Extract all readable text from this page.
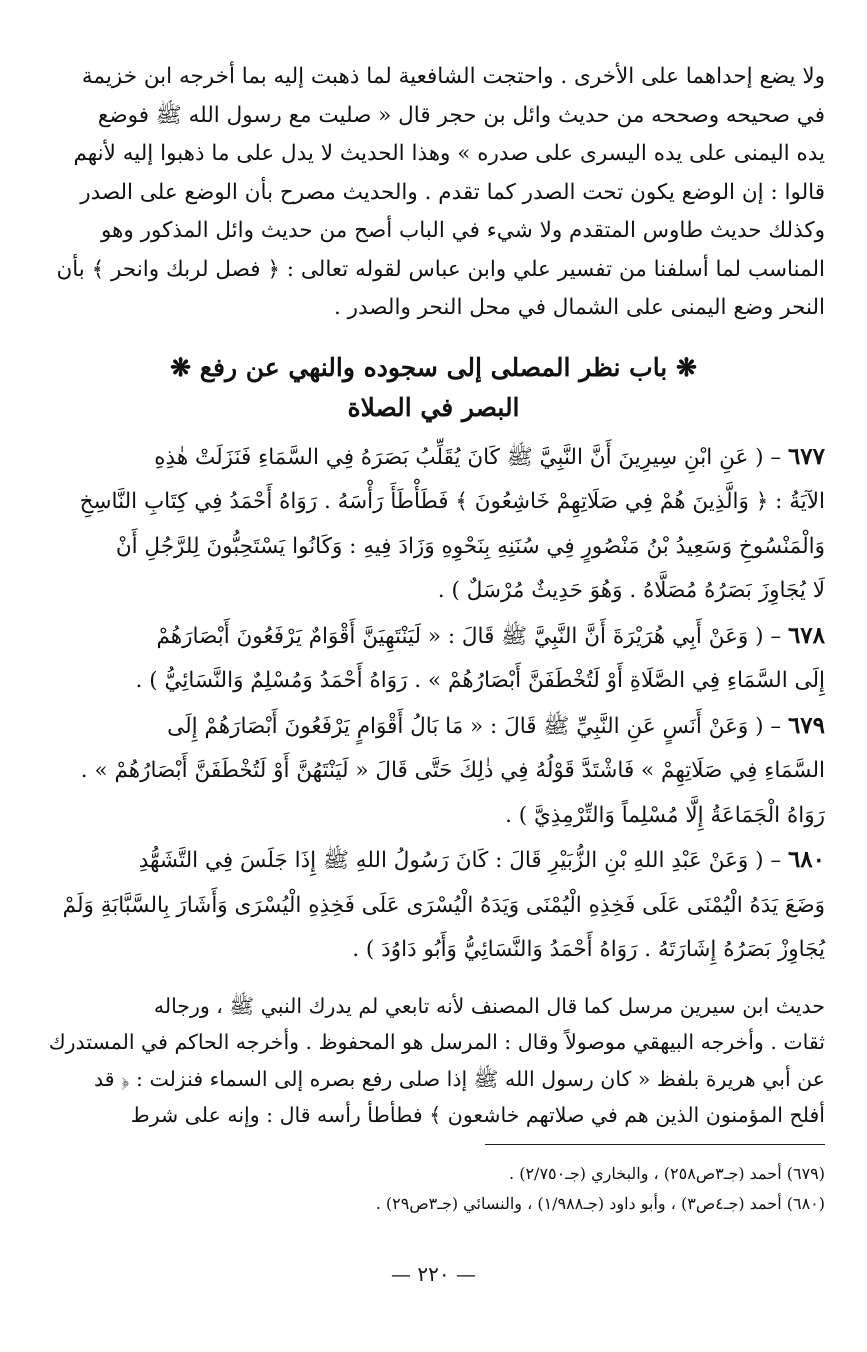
ولا يضع إحداهما على الأخرى . واحتجت الشافعية لما ذهبت إليه بما أخرجه ابن خزيمة

في صحيحه وصححه من حديث وائل بن حجر قال « صليت مع رسول الله ﷺ فوضع

يده اليمنى على يده اليسرى على صدره » وهذا الحديث لا يدل على ما ذهبوا إليه لأنهم

قالوا : إن الوضع يكون تحت الصدر كما تقدم . والحديث مصرح بأن الوضع على الصدر

وكذلك حديث طاوس المتقدم ولا شيء في الباب أصح من حديث وائل المذكور وهو

المناسب لما أسلفنا من تفسير علي وابن عباس لقوله تعالى : ﴿ فصل لربك وانحر ﴾ بأن

النحر وضع اليمنى على الشمال في محل النحر والصدر .

❋ باب نظر المصلى إلى سجوده والنهي عن رفع ❋
البصر في الصلاة

٦٧٧ – ( عَنِ ابْنِ سِيرِينَ أَنَّ النَّبِيَّ ﷺ كَانَ يُقَلِّبُ بَصَرَهُ فِي السَّمَاءِ فَنَزَلَتْ هٰذِهِ

الآيَةُ : ﴿ وَالَّذِينَ هُمْ فِي صَلَاتِهِمْ خَاشِعُونَ ﴾ فَطَأْطَأَ رَأْسَهُ . رَوَاهُ أَحْمَدُ فِي كِتَابِ النَّاسِخِ

وَالْمَنْسُوخِ وَسَعِيدُ بْنُ مَنْصُورٍ فِي سُنَنِهِ بِنَحْوِهِ وَزَادَ فِيهِ : وَكَانُوا يَسْتَحِبُّونَ لِلرَّجُلِ أَنْ

لَا يُجَاوِزَ بَصَرُهُ مُصَلَّاهُ . وَهُوَ حَدِيثٌ مُرْسَلٌ ) .

٦٧٨ – ( وَعَنْ أَبِي هُرَيْرَةَ أَنَّ النَّبِيَّ ﷺ قَالَ : « لَيَنْتَهِيَنَّ أَقْوَامٌ يَرْفَعُونَ أَبْصَارَهُمْ

إِلَى السَّمَاءِ فِي الصَّلَاةِ أَوْ لَتُخْطَفَنَّ أَبْصَارُهُمْ » . رَوَاهُ أَحْمَدُ وَمُسْلِمٌ وَالنَّسَائِيُّ ) .

٦٧٩ – ( وَعَنْ أَنَسٍ عَنِ النَّبِيِّ ﷺ قَالَ : « مَا بَالُ أَقْوَامٍ يَرْفَعُونَ أَبْصَارَهُمْ إِلَى

السَّمَاءِ فِي صَلَاتِهِمْ » فَاشْتَدَّ قَوْلُهُ فِي ذٰلِكَ حَتَّى قَالَ « لَيَنْتَهُنَّ أَوْ لَتُخْطَفَنَّ أَبْصَارُهُمْ » .

رَوَاهُ الْجَمَاعَةُ إِلَّا مُسْلِماً وَالتِّرْمِذِيَّ ) .

٦٨٠ – ( وَعَنْ عَبْدِ اللهِ بْنِ الزُّبَيْرِ قَالَ : كَانَ رَسُولُ اللهِ ﷺ إِذَا جَلَسَ فِي التَّشَهُّدِ

وَضَعَ يَدَهُ الْيُمْنَى عَلَى فَخِذِهِ الْيُمْنَى وَيَدَهُ الْيُسْرَى عَلَى فَخِذِهِ الْيُسْرَى وَأَشَارَ بِالسَّبَّابَةِ وَلَمْ

يُجَاوِزْ بَصَرُهُ إِشَارَتَهُ . رَوَاهُ أَحْمَدُ وَالنَّسَائِيُّ وَأَبُو دَاوُدَ ) .

حديث ابن سيرين مرسل كما قال المصنف لأنه تابعي لم يدرك النبي ﷺ ، ورجاله

ثقات . وأخرجه البيهقي موصولاً وقال : المرسل هو المحفوظ . وأخرجه الحاكم في المستدرك

عن أبي هريرة بلفظ « كان رسول الله ﷺ إذا صلى رفع بصره إلى السماء فنزلت : ﴿ قد

أفلح المؤمنون الذين هم في صلاتهم خاشعون ﴾ فطأطأ رأسه قال : وإنه على شرط

(٦٧٩) أحمد (جـ٣ص٢٥٨) ، والبخاري (جـ٢/٧٥٠) .

(٦٨٠) أحمد (جـ٤ص٣) ، وأبو داود (جـ١/٩٨٨) ، والنسائي (جـ٣ص٢٩) .

— ٢٢٠ —
